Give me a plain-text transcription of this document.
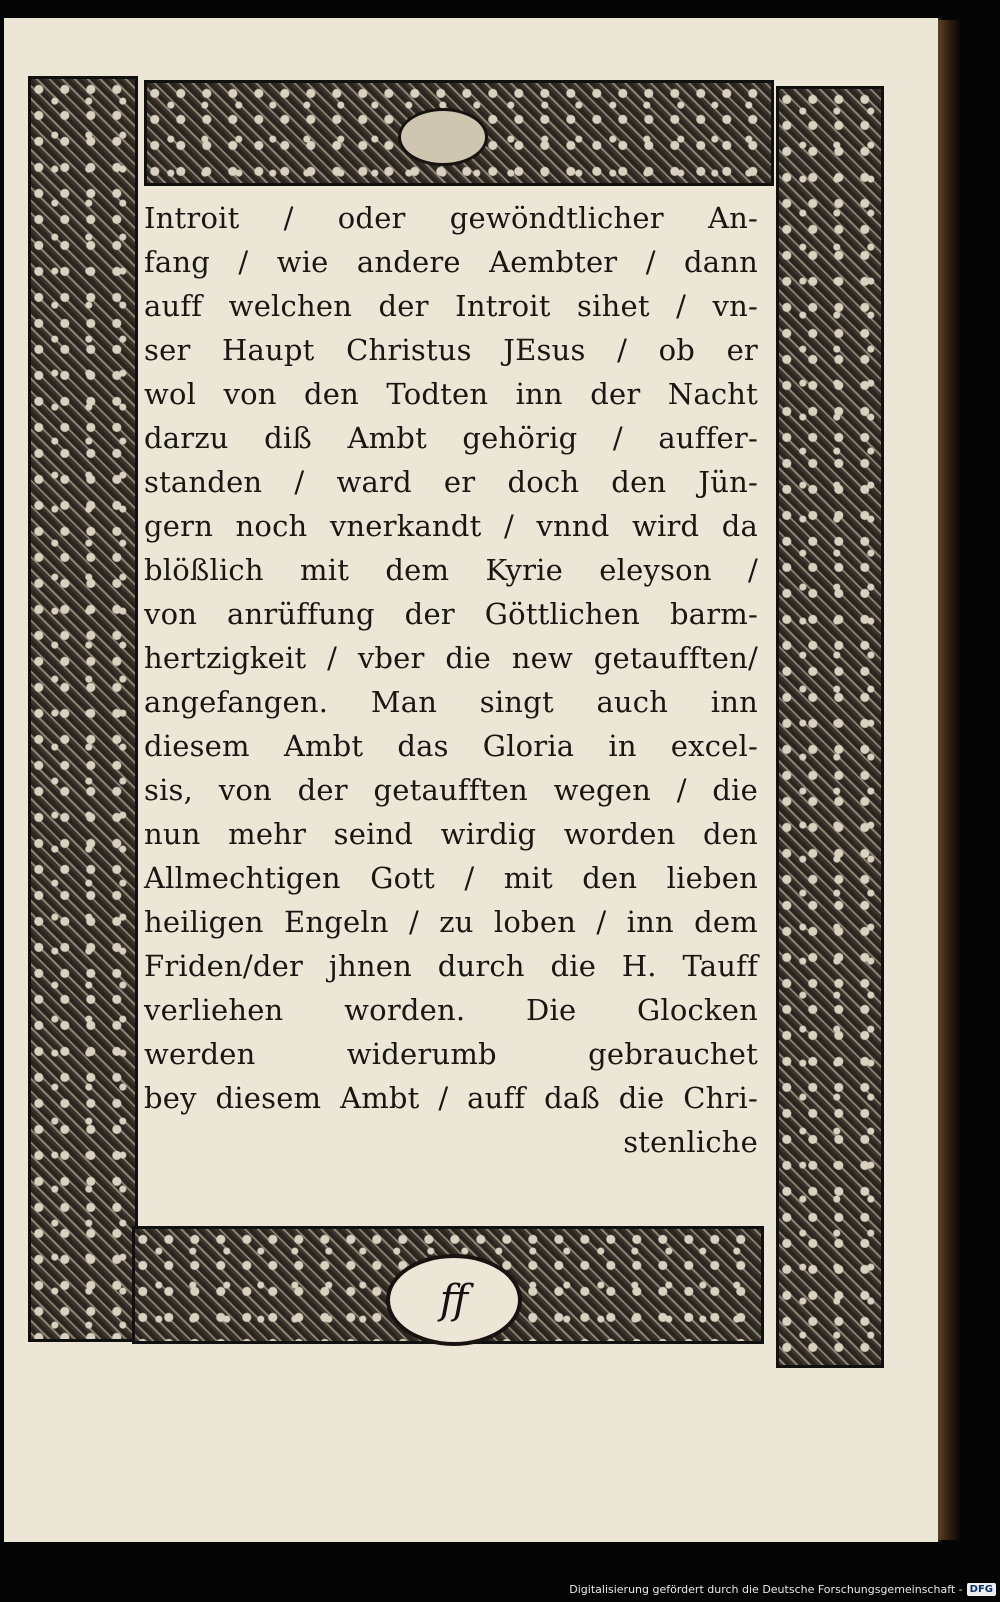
ff
Introit / oder gewöndtlicher An-
fang / wie andere Aembter / dann
auff welchen der Introit sihet / vn-
ser Haupt Christus JEsus / ob er
wol von den Todten inn der Nacht
darzu diß Ambt gehörig / auffer-
standen / ward er doch den Jün-
gern noch vnerkandt / vnnd wird da
blößlich mit dem Kyrie eleyson /
von anrüffung der Göttlichen barm-
hertzigkeit / vber die new getaufften/
angefangen. Man singt auch inn
diesem Ambt das Gloria in excel-
sis, von der getaufften wegen / die
nun mehr seind wirdig worden den
Allmechtigen Gott / mit den lieben
heiligen Engeln / zu loben / inn dem
Friden/der jhnen durch die H. Tauff
verliehen worden. Die Glocken
werden widerumb gebrauchet
bey diesem Ambt / auff daß die Chri-
stenliche
Digitalisierung gefördert durch die Deutsche Forschungsgemeinschaft - DFG
